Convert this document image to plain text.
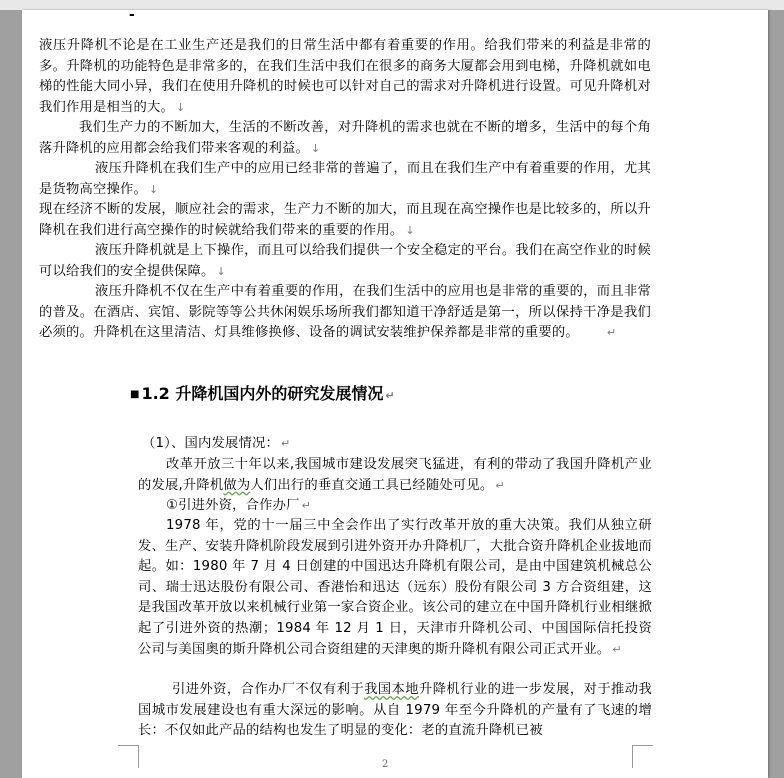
-
液压升降机不论是在工业生产还是我们的日常生活中都有着重要的作用。给我们带来的利益是非常的多。升降机的功能特色是非常多的，在我们生活中我们在很多的商务大厦都会用到电梯，升降机就如电梯的性能大同小异，我们在使用升降机的时候也可以针对自己的需求对升降机进行设置。可见升降机对我们作用是相当的大。 ↓
我们生产力的不断加大，生活的不断改善，对升降机的需求也就在不断的增多，生活中的每个角落升降机的应用都会给我们带来客观的利益。 ↓
液压升降机在我们生产中的应用已经非常的普遍了，而且在我们生产中有着重要的作用，尤其是货物高空操作。 ↓
现在经济不断的发展，顺应社会的需求，生产力不断的加大，而且现在高空操作也是比较多的，所以升降机在我们进行高空操作的时候就给我们带来的重要的作用。 ↓
液压升降机就是上下操作，而且可以给我们提供一个安全稳定的平台。我们在高空作业的时候可以给我们的安全提供保障。 ↓
液压升降机不仅在生产中有着重要的作用，在我们生活中的应用也是非常的重要的，而且非常的普及。在酒店、宾馆、影院等等公共休闲娱乐场所我们都知道干净舒适是第一，所以保持干净是我们必须的。升降机在这里清洁、灯具维修换修、设备的调试安装维护保养都是非常的重要的。	↵
■ 1.2 升降机国内外的研究发展情况 ↵
（1）、国内发展情况： ↵
改革开放三十年以来,我国城市建设发展突飞猛进，有利的带动了我国升降机产业的发展,升降机做为人们出行的垂直交通工具已经随处可见。 ↵
①引进外资，合作办厂 ↵
1978 年，党的十一届三中全会作出了实行改革开放的重大决策。我们从独立研发、生产、安装升降机阶段发展到引进外资开办升降机厂，大批合资升降机企业拔地而起。如：1980 年 7 月 4 日创建的中国迅达升降机有限公司，是由中国建筑机械总公司、瑞士迅达股份有限公司、香港怡和迅达（远东）股份有限公司 3 方合资组建，这是我国改革开放以来机械行业第一家合资企业。该公司的建立在中国升降机行业相继掀起了引进外资的热潮；1984 年 12 月 1 日，天津市升降机公司、中国国际信托投资公司与美国奥的斯升降机公司合资组建的天津奥的斯升降机有限公司正式开业。 ↵
引进外资，合作办厂不仅有利于我国本地升降机行业的进一步发展，对于推动我国城市发展建设也有重大深远的影响。从自 1979 年至今升降机的产量有了飞速的增长：不仅如此产品的结构也发生了明显的变化：老的直流升降机已被
2
